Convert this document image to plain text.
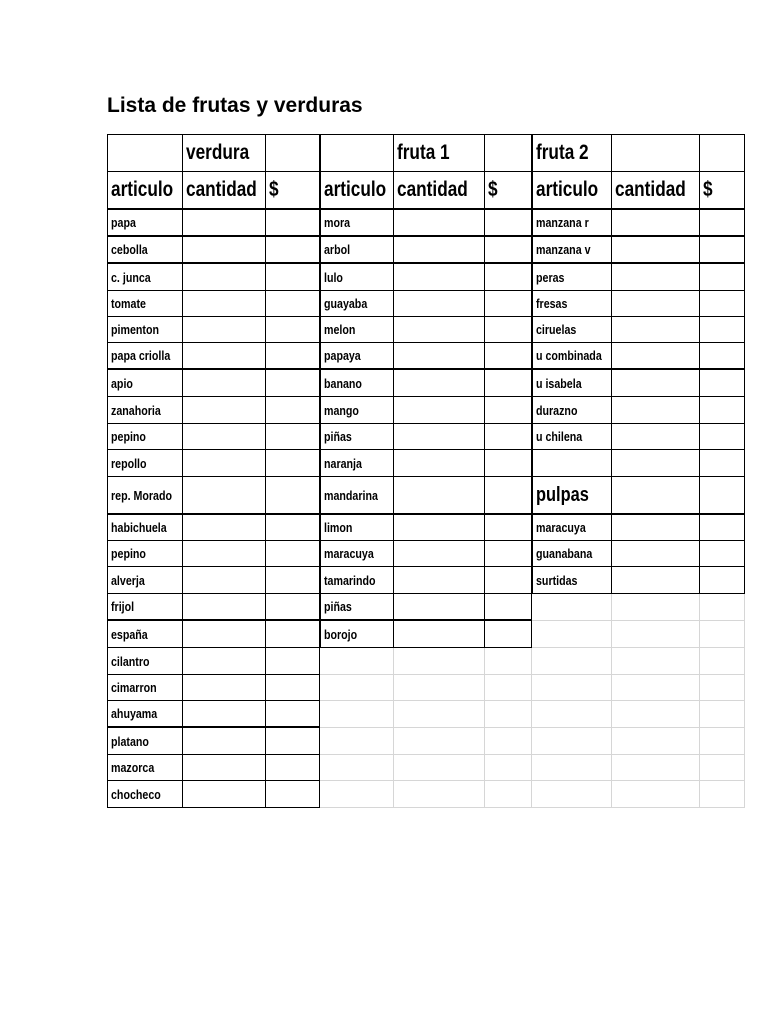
Lista de frutas y verduras
verdura	fruta 1	fruta 2
articulo cantidad $ articulo cantidad $ articulo cantidad $
papa	mora	manzana r
cebolla	arbol	manzana v
c. junca	lulo	peras
tomate	guayaba	fresas
pimenton	melon	ciruelas
papa criolla	papaya	u combinada
apio	banano	u isabela
zanahoria	mango	durazno
pepino	piñas	u chilena
repollo	naranja
rep. Morado	mandarina	pulpas
habichuela	limon	maracuya
pepino	maracuya	guanabana
alverja	tamarindo	surtidas
frijol	piñas
españa	borojo
cilantro
cimarron
ahuyama
platano
mazorca
chocheco
